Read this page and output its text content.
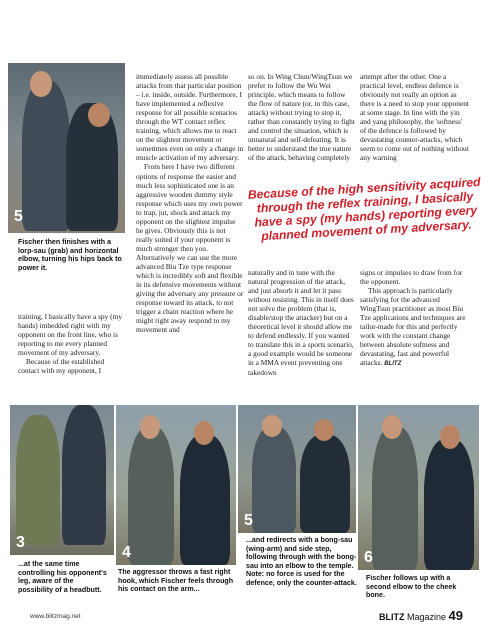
5
Fischer then finishes with a lorp-sau (grab) and horizontal elbow, turning his hips back to power it.

training, I basically have a spy (my hands) imbedded right with my opponent on the front line, who is reporting to me every planned movement of my adversary.

Because of the established contact with my opponent, I

immediately assess all possible attacks from that particular position – i.e. inside, outside. Furthermore, I have implemented a reflexive response for all possible scenarios through the WT contact reflex training, which allows me to react on the slightest movement or sometimes even on only a change in muscle activation of my adversary.

From here I have two different options of response the easier and much less sophisticated one is an aggressive wooden dummy style response which uses my own power to trap, jut, shock and attack my opponent on the slightest impulse he gives. Obviously this is not really suited if your opponent is much stronger then you. Alternatively we can use the more advanced Biu Tze type response which is incredibly soft and flexible in its defensive movements without giving the adversary any pressure or response toward its attack, to not trigger a chain reaction where he might right away respond to my movement and

so on. In Wing Chun/WingTsun we prefer to follow the Wu Wei principle, which means to follow the flow of nature (or, in this case, attack) without trying to stop it, rather than constantly trying to fight and control the situation, which is unnatural and self-defeating. It is better to understand the true nature of the attack, behaving completely

naturally and in tune with the natural progression of the attack, and just absorb it and let it pass without resisting. This in itself does not solve the problem (that is, disable/stop the attacker) but on a theoretical level it should allow me to defend endlessly. If you wanted to translate this in a sports scenario, a good example would be someone in a MMA event preventing one takedown

attempt after the other. One a practical level, endless defence is obviously not really an option as there is a need to stop your opponent at some stage. In line with the yin and yang philosophy, the 'softness' of the defence is followed by devastating counter-attacks, which seem to come out of nothing without any warning

signs or impulses to draw from for the opponent.

This approach is particularly satisfying for the advanced WingTsun practitioner as most Biu Tze applications and techniques are tailor-made for this and perfectly work with the constant change between absolute softness and devastating, fast and powerful attacks. BLITZ

Because of the high sensitivity acquired through the reflex training, I basically have a spy (my hands) reporting every planned movement of my adversary.
3
...at the same time controlling his opponent's leg, aware of the possibility of a headbutt.
4
The aggressor throws a fast right hook, which Fischer feels through his contact on the arm...
5
...and redirects with a bong-sau (wing-arm) and side step, following through with the bong-sau into an elbow to the temple. Note: no force is used for the defence, only the counter-attack.
6
Fischer follows up with a second elbow to the cheek bone.
www.blitzmag.net	BLITZ Magazine 49
